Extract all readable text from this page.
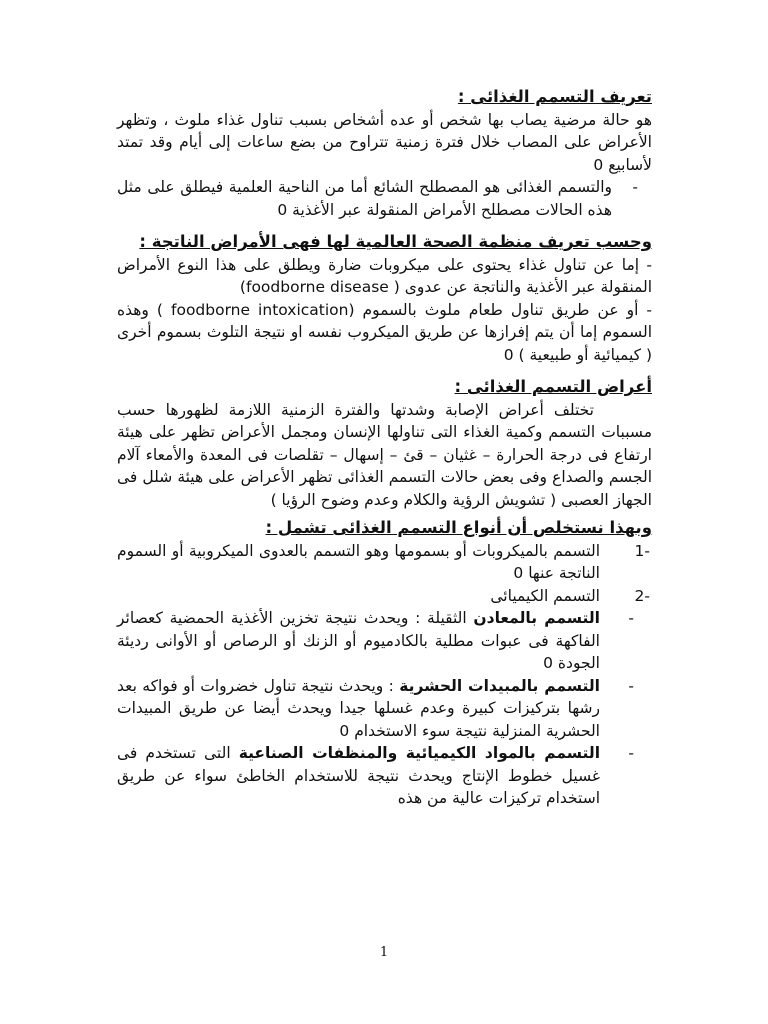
تعريف التسمم الغذائى :

هو حالة مرضية يصاب بها شخص أو عده أشخاص بسبب تناول غذاء ملوث ، وتظهر الأعراض على المصاب خلال فترة زمنية تتراوح من بضع ساعات إلى أيام وقد تمتد لأسابيع 0

-
والتسمم الغذائى هو المصطلح الشائع أما من الناحية العلمية فيطلق على مثل هذه الحالات مصطلح الأمراض المنقولة عبر الأغذية 0
وحسب تعريف منظمة الصحة العالمية لها فهى الأمراض الناتجة :
- إما عن تناول غذاء يحتوى على ميكروبات ضارة ويطلق على هذا النوع الأمراض المنقولة عبر الأغذية والناتجة عن عدوى ( foodborne disease)
- أو عن طريق تناول طعام ملوث بالسموم (foodborne intoxication ) وهذه السموم إما أن يتم إفرازها عن طريق الميكروب نفسه او نتيجة التلوث بسموم أخرى ( كيميائية أو طبيعية ) 0
أعراض التسمم الغذائى :

تختلف أعراض الإصابة وشدتها والفترة الزمنية اللازمة لظهورها حسب مسببات التسمم وكمية الغذاء التى تناولها الإنسان ومجمل الأعراض تظهر على هيئة ارتفاع فى درجة الحرارة – غثيان – قئ – إسهال – تقلصات فى المعدة والأمعاء آلام الجسم والصداع وفى بعض حالات التسمم الغذائى تظهر الأعراض على هيئة شلل فى الجهاز العصبى ( تشويش الرؤية والكلام وعدم وضوح الرؤيا )

وبهذا نستخلص أن أنواع التسمم الغذائى تشمل :
1-
التسمم بالميكروبات أو بسمومها وهو التسمم بالعدوى الميكروبية أو السموم الناتجة عنها 0
2-
التسمم الكيميائى
-
التسمم بالمعادن الثقيلة : ويحدث نتيجة تخزين الأغذية الحمضية كعصائر الفاكهة فى عبوات مطلية بالكادميوم أو الزنك أو الرصاص أو الأوانى رديئة الجودة 0
-
التسمم بالمبيدات الحشرية : ويحدث نتيجة تناول خضروات أو فواكه بعد رشها بتركيزات كبيرة وعدم غسلها جيدا ويحدث أيضا عن طريق المبيدات الحشرية المنزلية نتيجة سوء الاستخدام 0
-
التسمم بالمواد الكيميائية والمنظفات الصناعية التى تستخدم فى غسيل خطوط الإنتاج ويحدث نتيجة للاستخدام الخاطئ سواء عن طريق استخدام تركيزات عالية من هذه
1
